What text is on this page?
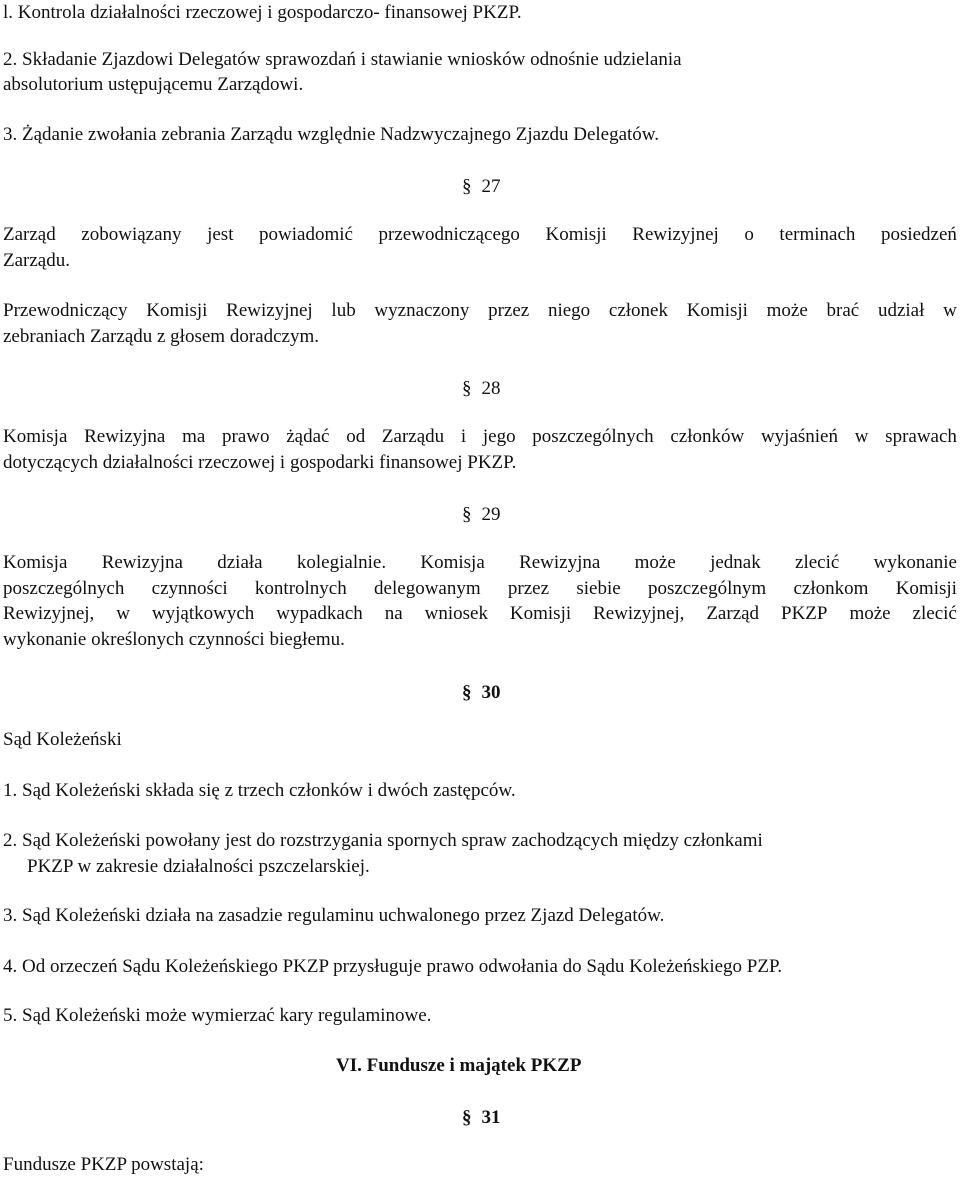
l. Kontrola działalności rzeczowej i gospodarczo- finansowej PKZP.
2. Składanie Zjazdowi Delegatów sprawozdań i stawianie wniosków odnośnie udzielania
absolutorium ustępującemu Zarządowi.
3. Żądanie zwołania zebrania Zarządu względnie Nadzwyczajnego Zjazdu Delegatów.
§ 27
Zarząd zobowiązany jest powiadomić przewodniczącego Komisji Rewizyjnej o terminach posiedzeń
Zarządu.
Przewodniczący Komisji Rewizyjnej lub wyznaczony przez niego członek Komisji może brać udział w
zebraniach Zarządu z głosem doradczym.
§ 28
Komisja Rewizyjna ma prawo żądać od Zarządu i jego poszczególnych członków wyjaśnień w sprawach
dotyczących działalności rzeczowej i gospodarki finansowej PKZP.
§ 29
Komisja Rewizyjna działa kolegialnie. Komisja Rewizyjna może jednak zlecić wykonanie
poszczególnych czynności kontrolnych delegowanym przez siebie poszczególnym członkom Komisji
Rewizyjnej, w wyjątkowych wypadkach na wniosek Komisji Rewizyjnej, Zarząd PKZP może zlecić
wykonanie określonych czynności biegłemu.
§ 30
Sąd Koleżeński
1. Sąd Koleżeński składa się z trzech członków i dwóch zastępców.
2. Sąd Koleżeński powołany jest do rozstrzygania spornych spraw zachodzących między członkami
PKZP w zakresie działalności pszczelarskiej.
3. Sąd Koleżeński działa na zasadzie regulaminu uchwalonego przez Zjazd Delegatów.
4. Od orzeczeń Sądu Koleżeńskiego PKZP przysługuje prawo odwołania do Sądu Koleżeńskiego PZP.
5. Sąd Koleżeński może wymierzać kary regulaminowe.
VI. Fundusze i majątek PKZP
§ 31
Fundusze PKZP powstają:
